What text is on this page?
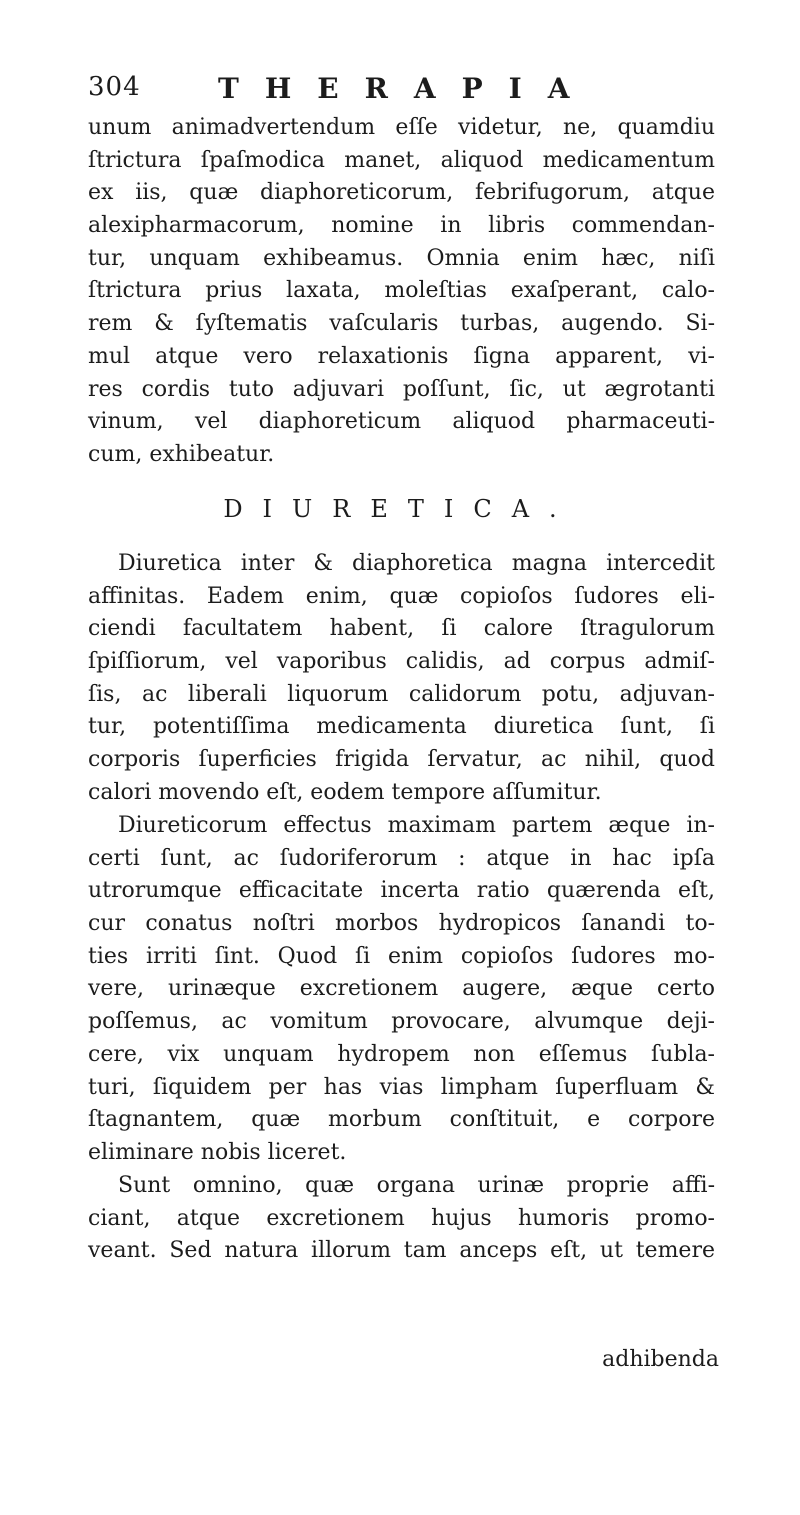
304	THERAPIA
unum animadvertendum eſſe videtur, ne, quamdiu
ſtrictura ſpaſmodica manet, aliquod medicamentum
ex iis, quæ diaphoreticorum, febrifugorum, atque
alexipharmacorum, nomine in libris commendan-
tur, unquam exhibeamus. Omnia enim hæc, niſi
ſtrictura prius laxata, moleſtias exaſperant, calo-
rem & ſyſtematis vaſcularis turbas, augendo. Si-
mul atque vero relaxationis ſigna apparent, vi-
res cordis tuto adjuvari poſſunt, ſic, ut ægrotanti
vinum, vel diaphoreticum aliquod pharmaceuti-
cum, exhibeatur.
DIURETICA.
Diuretica inter & diaphoretica magna intercedit
affinitas. Eadem enim, quæ copioſos ſudores eli-
ciendi facultatem habent, ſi calore ſtragulorum
ſpiſſiorum, vel vaporibus calidis, ad corpus admiſ-
ſis, ac liberali liquorum calidorum potu, adjuvan-
tur, potentiſſima medicamenta diuretica ſunt, ſi
corporis ſuperficies frigida ſervatur, ac nihil, quod
calori movendo eſt, eodem tempore aſſumitur.
Diureticorum effectus maximam partem æque in-
certi ſunt, ac ſudoriferorum : atque in hac ipſa
utrorumque efficacitate incerta ratio quærenda eſt,
cur conatus noſtri morbos hydropicos ſanandi to-
ties irriti ſint. Quod ſi enim copioſos ſudores mo-
vere, urinæque excretionem augere, æque certo
poſſemus, ac vomitum provocare, alvumque deji-
cere, vix unquam hydropem non eſſemus ſubla-
turi, ſiquidem per has vias limpham ſuperfluam &
ſtagnantem, quæ morbum conſtituit, e corpore
eliminare nobis liceret.
Sunt omnino, quæ organa urinæ proprie affi-
ciant, atque excretionem hujus humoris promo-
veant. Sed natura illorum tam anceps eſt, ut temere
adhibenda
